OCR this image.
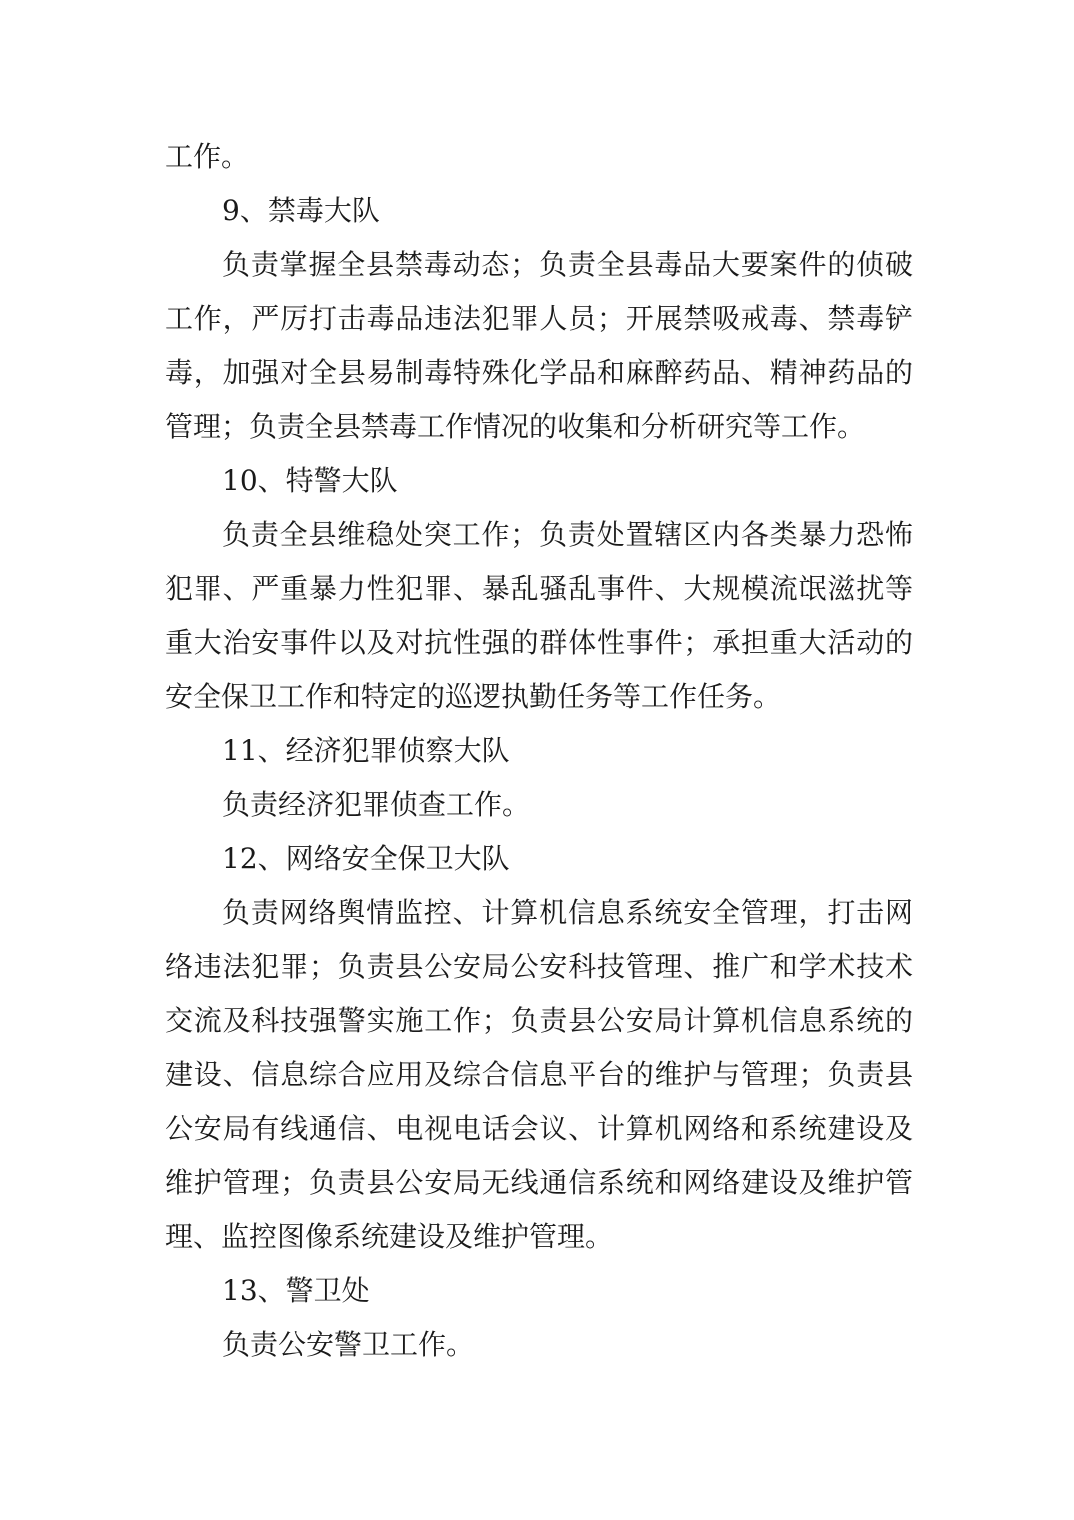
工作。
9、禁毒大队
负责掌握全县禁毒动态；负责全县毒品大要案件的侦破
工作，严厉打击毒品违法犯罪人员；开展禁吸戒毒、禁毒铲
毒，加强对全县易制毒特殊化学品和麻醉药品、精神药品的
管理；负责全县禁毒工作情况的收集和分析研究等工作。
10、特警大队
负责全县维稳处突工作；负责处置辖区内各类暴力恐怖
犯罪、严重暴力性犯罪、暴乱骚乱事件、大规模流氓滋扰等
重大治安事件以及对抗性强的群体性事件；承担重大活动的
安全保卫工作和特定的巡逻执勤任务等工作任务。
11、经济犯罪侦察大队
负责经济犯罪侦查工作。
12、网络安全保卫大队
负责网络舆情监控、计算机信息系统安全管理，打击网
络违法犯罪；负责县公安局公安科技管理、推广和学术技术
交流及科技强警实施工作；负责县公安局计算机信息系统的
建设、信息综合应用及综合信息平台的维护与管理；负责县
公安局有线通信、电视电话会议、计算机网络和系统建设及
维护管理；负责县公安局无线通信系统和网络建设及维护管
理、监控图像系统建设及维护管理。
13、警卫处
负责公安警卫工作。
